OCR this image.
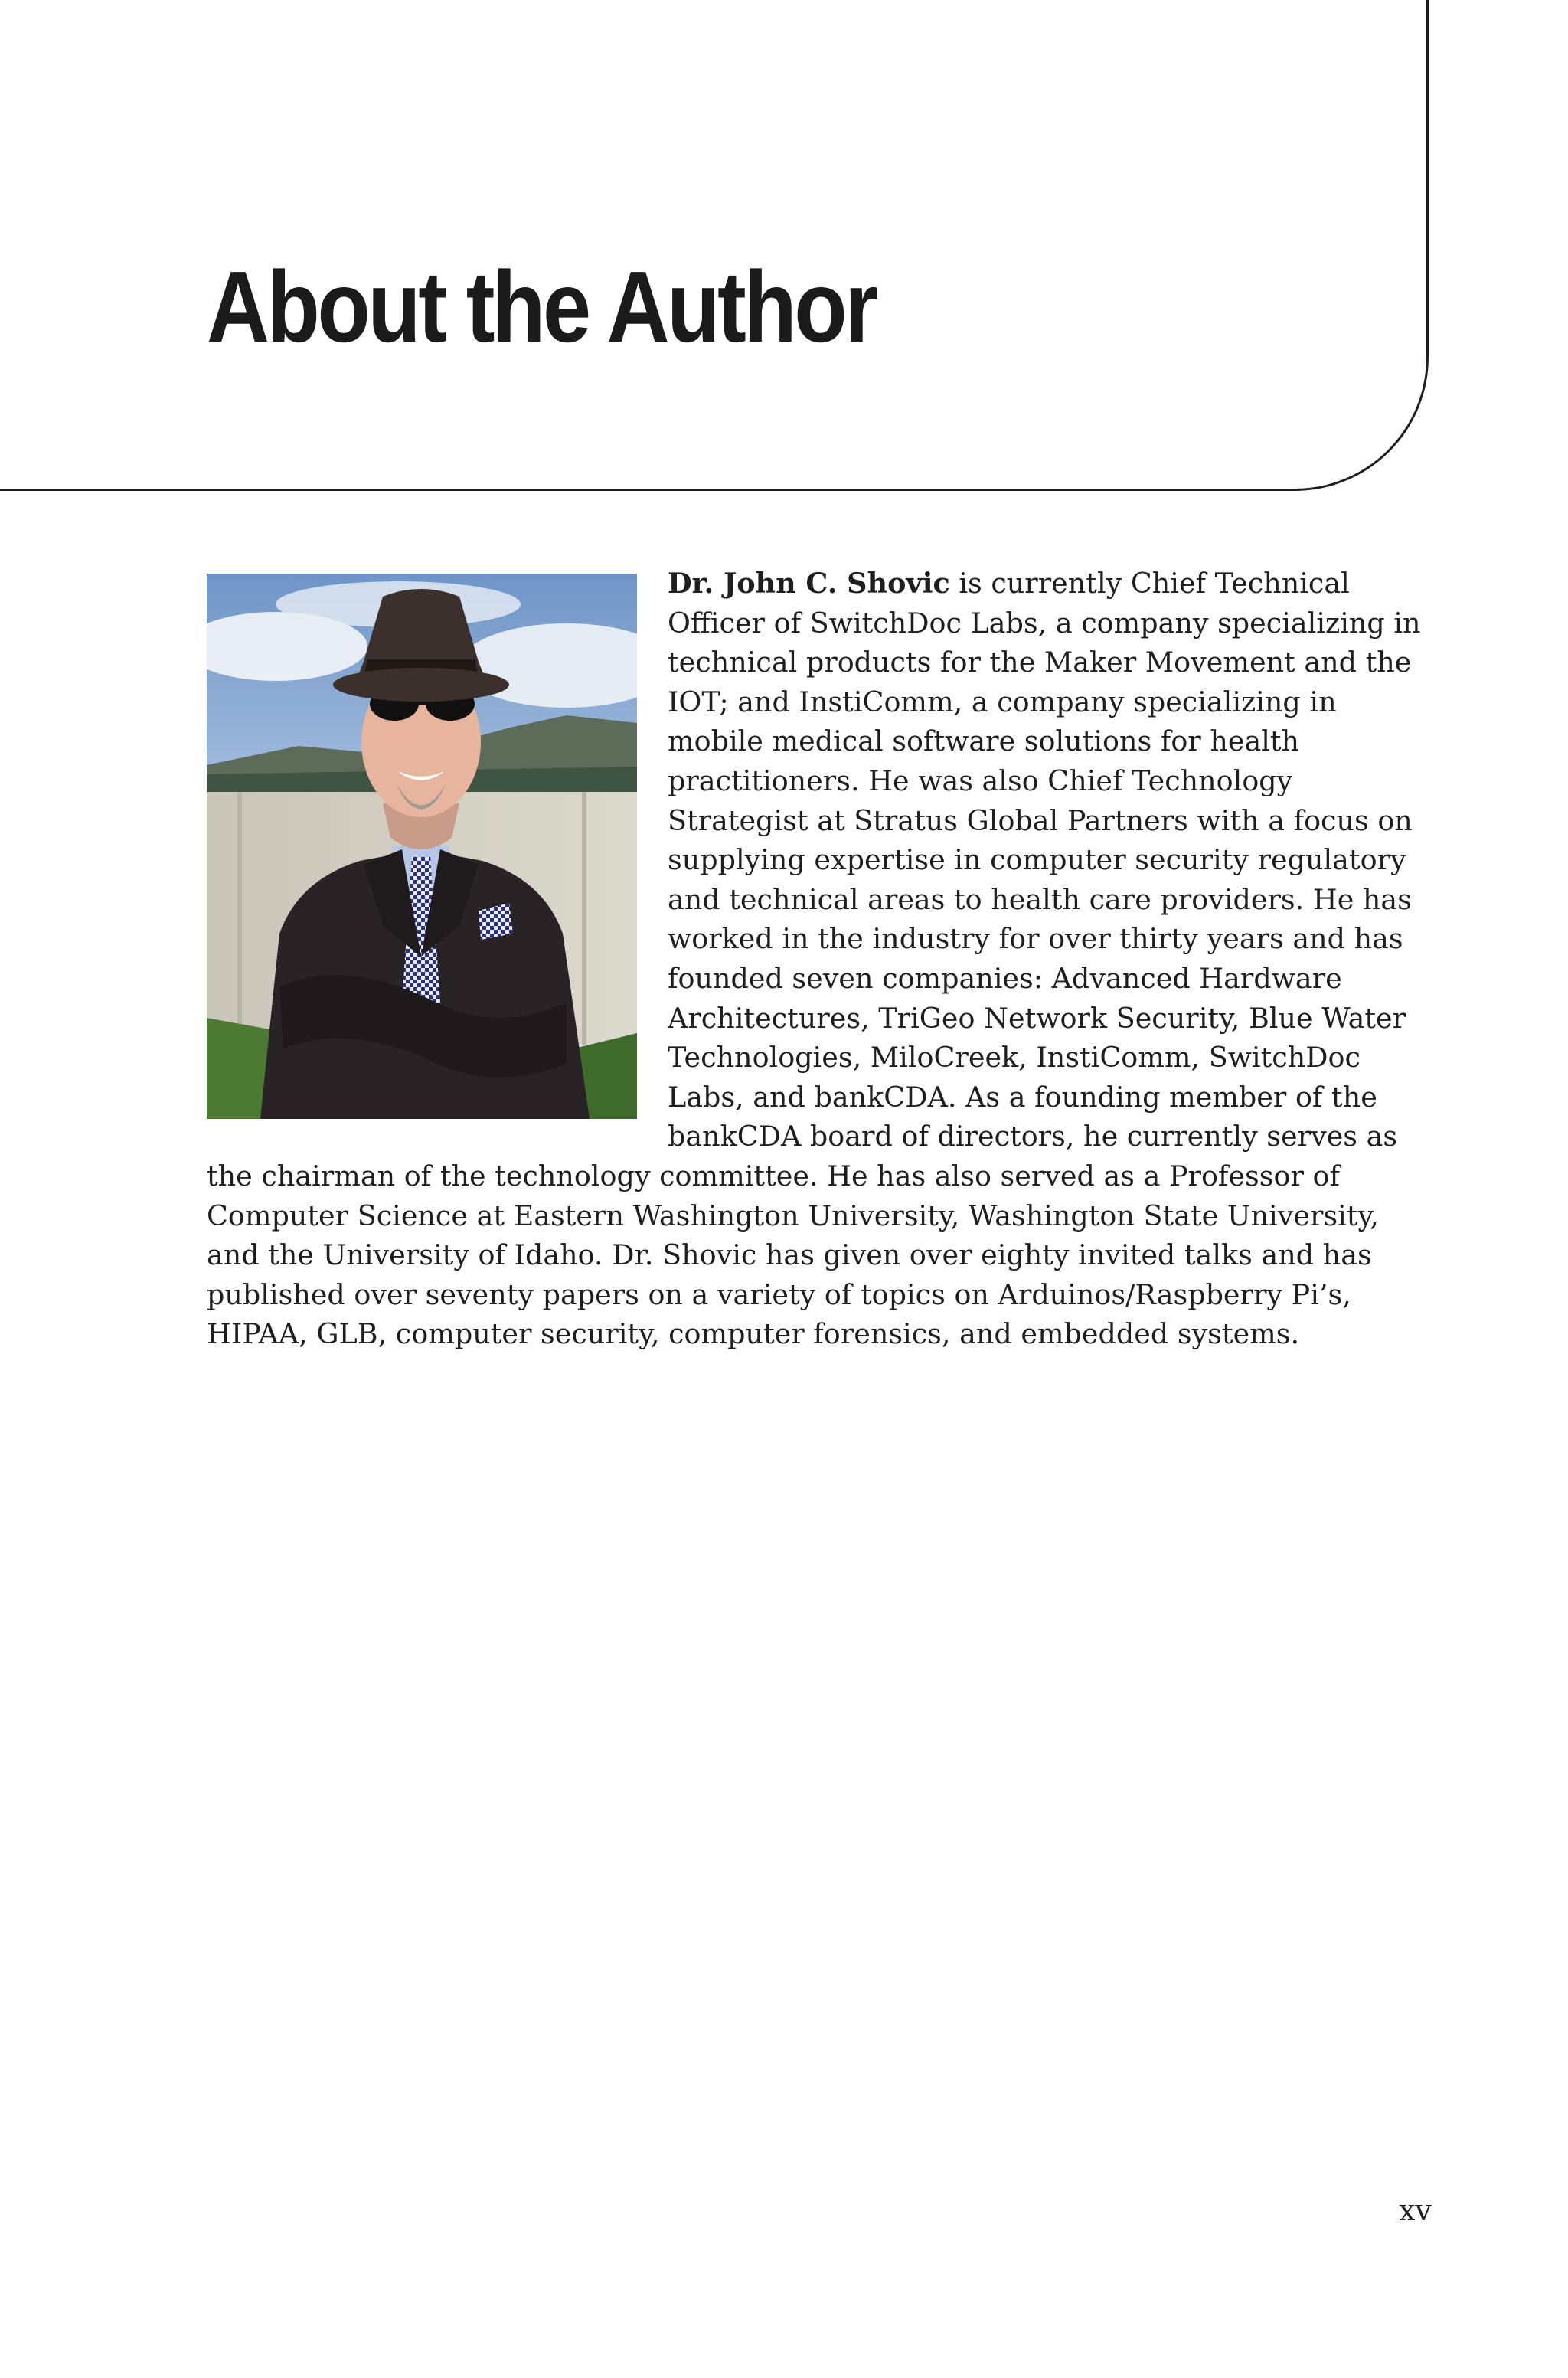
About the Author
Dr. John C. Shovic is currently Chief Technical Officer of SwitchDoc Labs, a company specializing in technical products for the Maker Movement and the IOT; and InstiComm, a company specializing in mobile medical software solutions for health practitioners. He was also Chief Technology Strategist at Stratus Global Partners with a focus on supplying expertise in computer security regulatory and technical areas to health care providers. He has worked in the industry for over thirty years and has founded seven companies: Advanced Hardware Architectures, TriGeo Network Security, Blue Water Technologies, MiloCreek, InstiComm, SwitchDoc Labs, and bankCDA. As a founding member of the bankCDA board of directors, he currently serves as the chairman of the technology committee. He has also served as a Professor of Computer Science at Eastern Washington University, Washington State University, and the University of Idaho. Dr. Shovic has given over eighty invited talks and has published over seventy papers on a variety of topics on Arduinos/Raspberry Pi’s, HIPAA, GLB, computer security, computer forensics, and embedded systems.
xv
